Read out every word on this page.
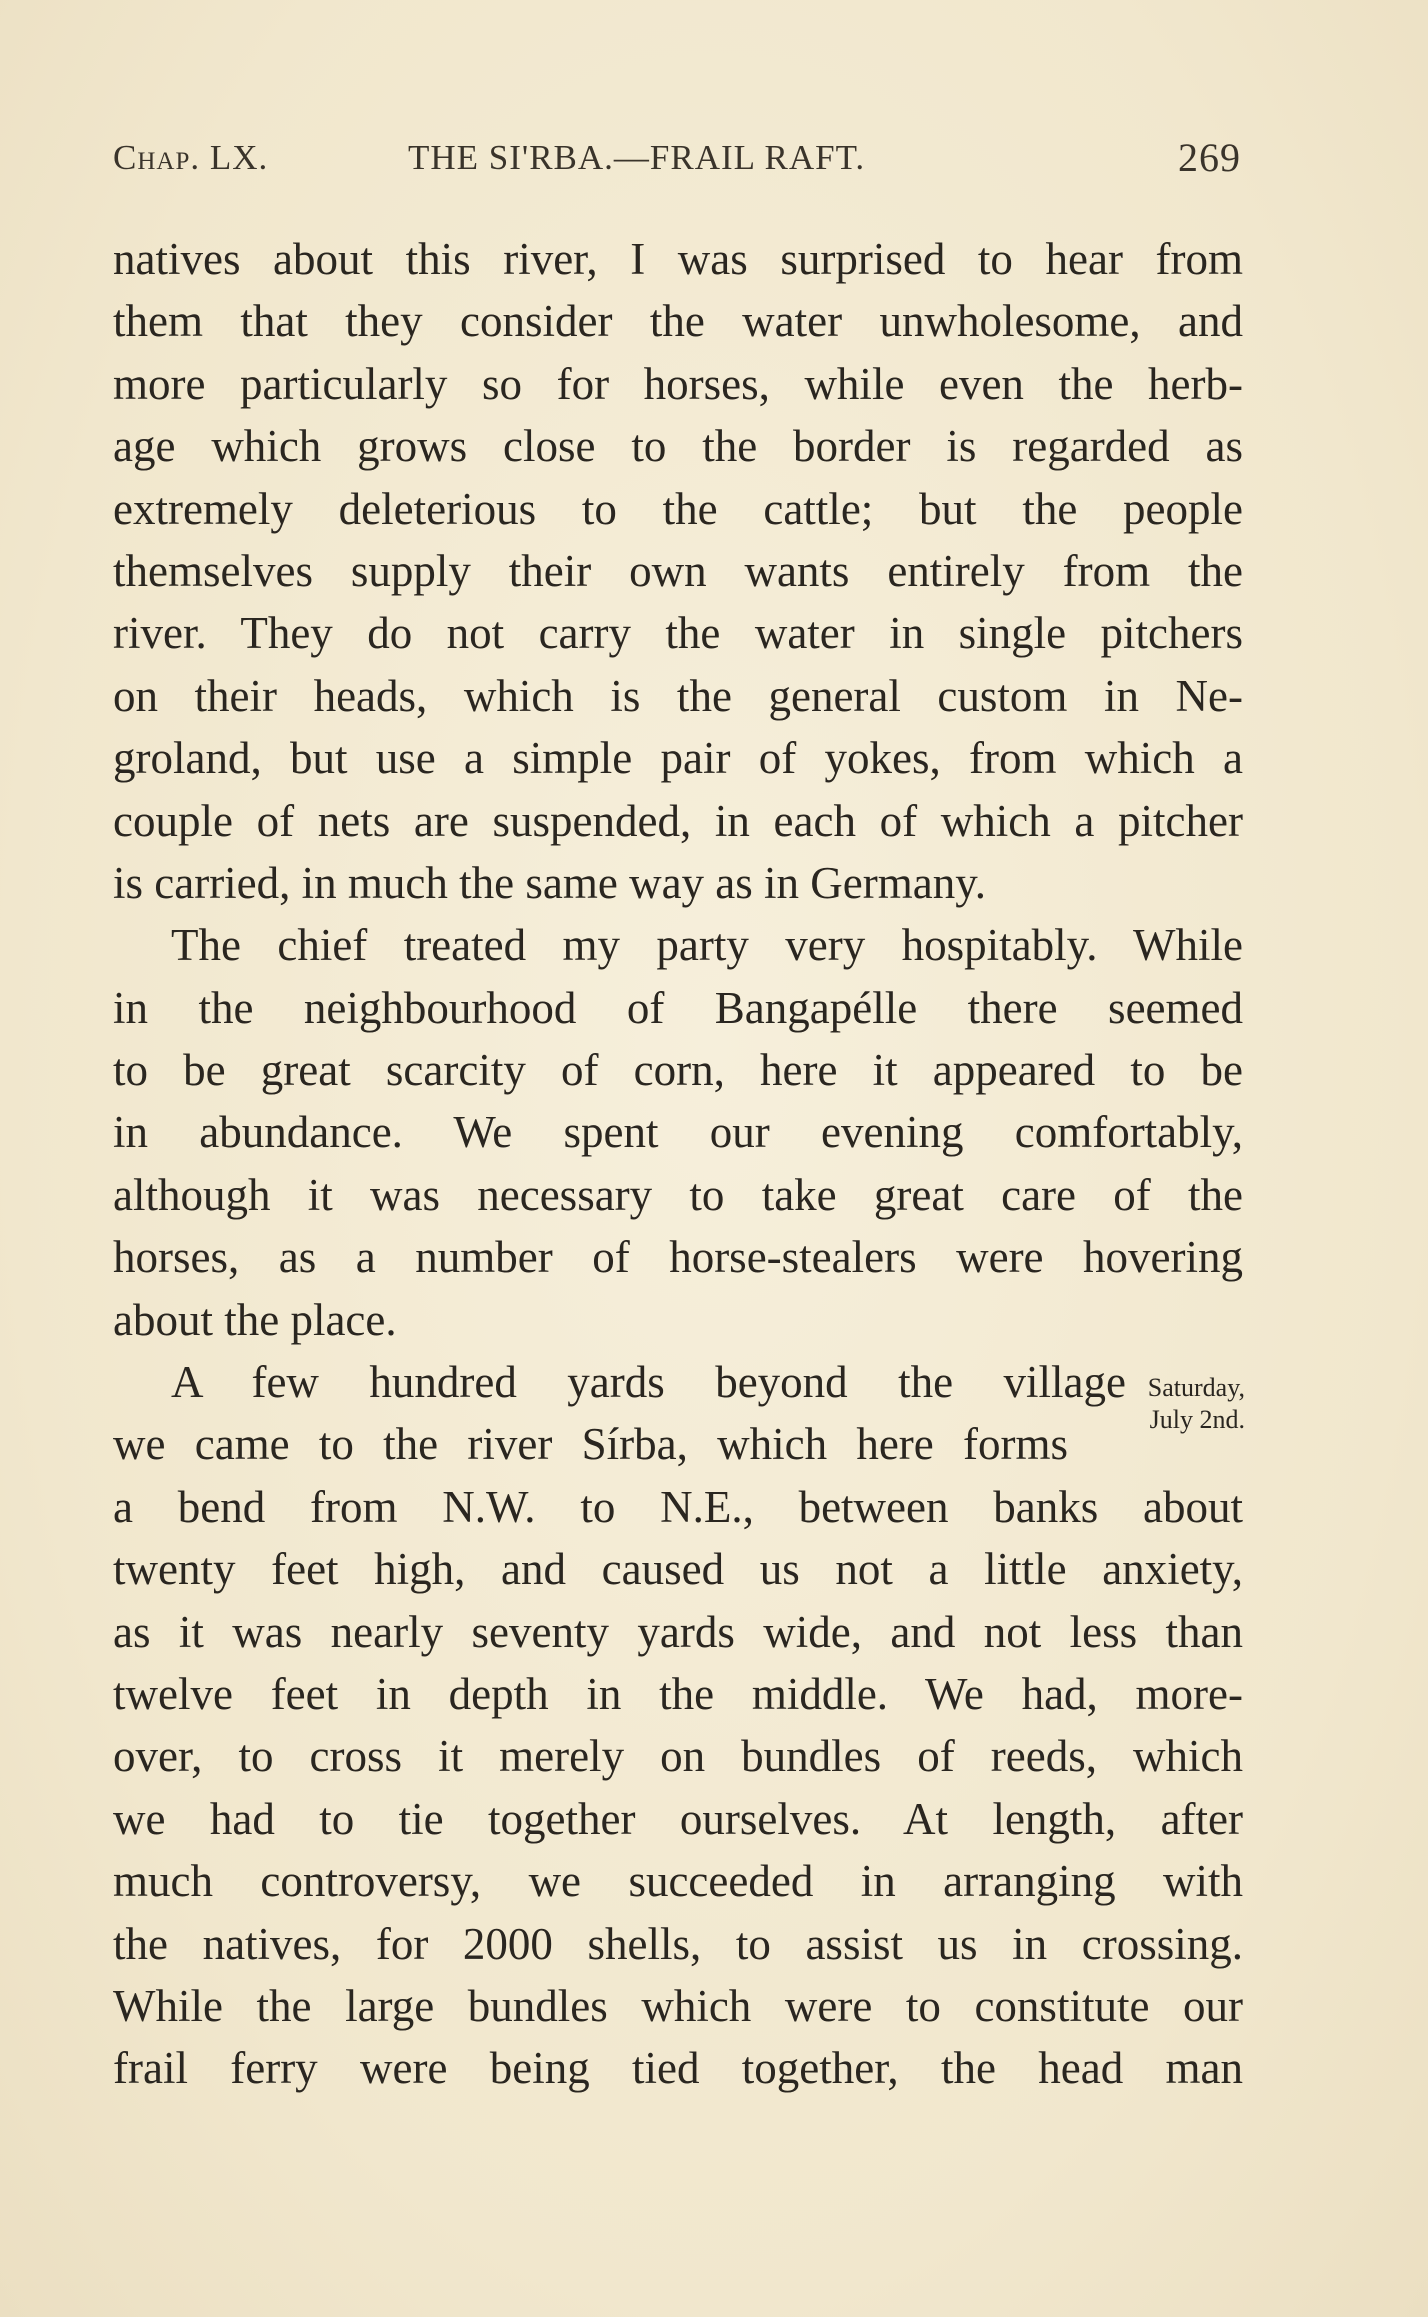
Chap. LX.	THE SI'RBA.—FRAIL RAFT.	269
natives about this river, I was surprised to hear from
them that they consider the water unwholesome, and
more particularly so for horses, while even the herb-
age which grows close to the border is regarded as
extremely deleterious to the cattle; but the people
themselves supply their own wants entirely from the
river. They do not carry the water in single pitchers
on their heads, which is the general custom in Ne-
groland, but use a simple pair of yokes, from which a
couple of nets are suspended, in each of which a pitcher
is carried, in much the same way as in Germany.
The chief treated my party very hospitably. While
in the neighbourhood of Bangapélle there seemed
to be great scarcity of corn, here it appeared to be
in abundance. We spent our evening comfortably,
although it was necessary to take great care of the
horses, as a number of horse-stealers were hovering
about the place.
A few hundred yards beyond the village
we came to the river Sírba, which here forms
a bend from N.W. to N.E., between banks about
twenty feet high, and caused us not a little anxiety,
as it was nearly seventy yards wide, and not less than
twelve feet in depth in the middle. We had, more-
over, to cross it merely on bundles of reeds, which
we had to tie together ourselves. At length, after
much controversy, we succeeded in arranging with
the natives, for 2000 shells, to assist us in crossing.
While the large bundles which were to constitute our
frail ferry were being tied together, the head man
Saturday,
July 2nd.
